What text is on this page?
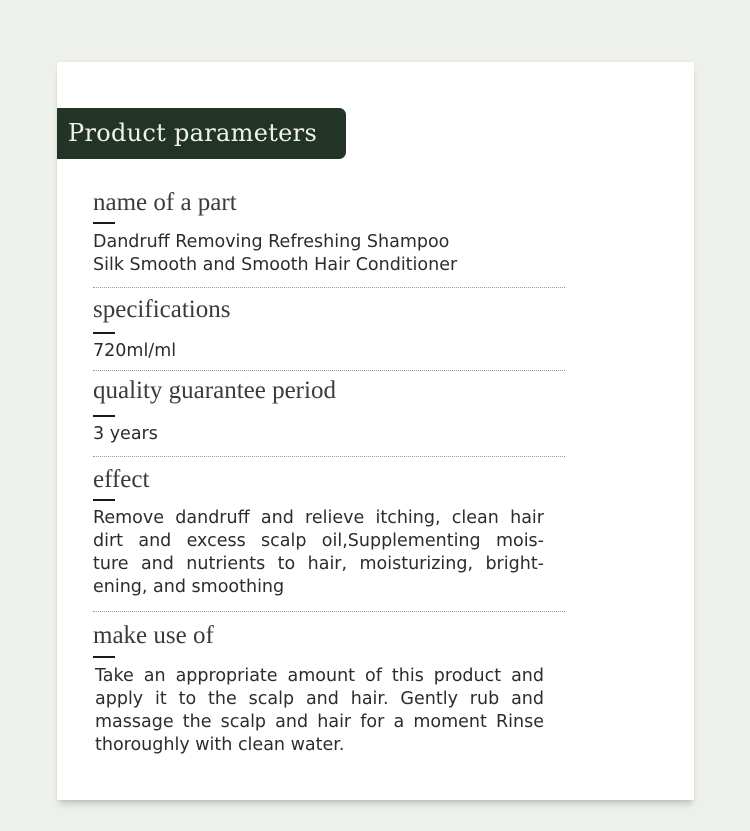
Product parameters
name of a part
Dandruff Removing Refreshing Shampoo
Silk Smooth and Smooth Hair Conditioner
specifications
720ml/ml
quality guarantee period
3 years
effect
Remove dandruff and relieve itching, clean hair
dirt and excess scalp oil,Supplementing mois-
ture and nutrients to hair, moisturizing, bright-
ening, and smoothing
make use of
Take an appropriate amount of this product and
apply it to the scalp and hair. Gently rub and
massage the scalp and hair for a moment Rinse
thoroughly with clean water.
